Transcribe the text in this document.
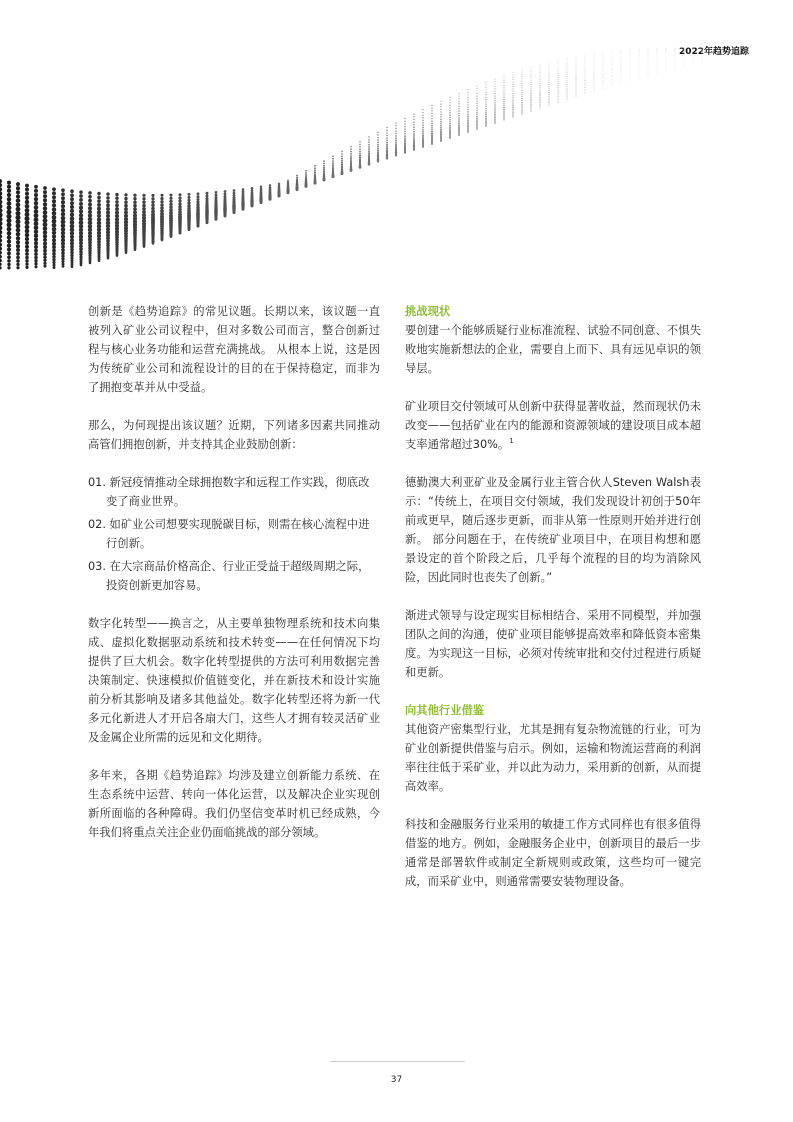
2022年趋势追踪

创新是《趋势追踪》的常见议题。长期以来，该议题一直被列入矿业公司议程中，但对多数公司而言，整合创新过程与核心业务功能和运营充满挑战。 从根本上说，这是因为传统矿业公司和流程设计的目的在于保持稳定，而非为了拥抱变革并从中受益。

那么，为何现提出该议题？近期，下列诸多因素共同推动高管们拥抱创新，并支持其企业鼓励创新：

01. 新冠疫情推动全球拥抱数字和远程工作实践，彻底改变了商业世界。
02. 如矿业公司想要实现脱碳目标，则需在核心流程中进行创新。
03. 在大宗商品价格高企、行业正受益于超级周期之际，投资创新更加容易。

数字化转型——换言之，从主要单独物理系统和技术向集成、虚拟化数据驱动系统和技术转变——在任何情况下均提供了巨大机会。数字化转型提供的方法可利用数据完善决策制定、快速模拟价值链变化，并在新技术和设计实施前分析其影响及诸多其他益处。数字化转型还将为新一代多元化新进人才开启各扇大门，这些人才拥有较灵活矿业及金属企业所需的远见和文化期待。

多年来，各期《趋势追踪》均涉及建立创新能力系统、在生态系统中运营、转向一体化运营，以及解决企业实现创新所面临的各种障碍。我们仍坚信变革时机已经成熟，今年我们将重点关注企业仍面临挑战的部分领域。

挑战现状

要创建一个能够质疑行业标准流程、试验不同创意、不惧失败地实施新想法的企业，需要自上而下、具有远见卓识的领导层。

矿业项目交付领域可从创新中获得显著收益，然而现状仍未改变——包括矿业在内的能源和资源领域的建设项目成本超支率通常超过30%。$^1$

德勤澳大利亚矿业及金属行业主管合伙人Steven Walsh表示：“传统上，在项目交付领域，我们发现设计初创于50年前或更早，随后逐步更新，而非从第一性原则开始并进行创新。 部分问题在于，在传统矿业项目中，在项目构想和愿景设定的首个阶段之后，几乎每个流程的目的均为消除风险，因此同时也丧失了创新。”

渐进式领导与设定现实目标相结合、采用不同模型，并加强团队之间的沟通，使矿业项目能够提高效率和降低资本密集度。为实现这一目标，必须对传统审批和交付过程进行质疑和更新。

向其他行业借鉴

其他资产密集型行业，尤其是拥有复杂物流链的行业，可为矿业创新提供借鉴与启示。例如，运输和物流运营商的利润率往往低于采矿业，并以此为动力，采用新的创新，从而提高效率。

科技和金融服务行业采用的敏捷工作方式同样也有很多值得借鉴的地方。例如，金融服务企业中，创新项目的最后一步通常是部署软件或制定全新规则或政策，这些均可一键完成，而采矿业中，则通常需要安装物理设备。

37
